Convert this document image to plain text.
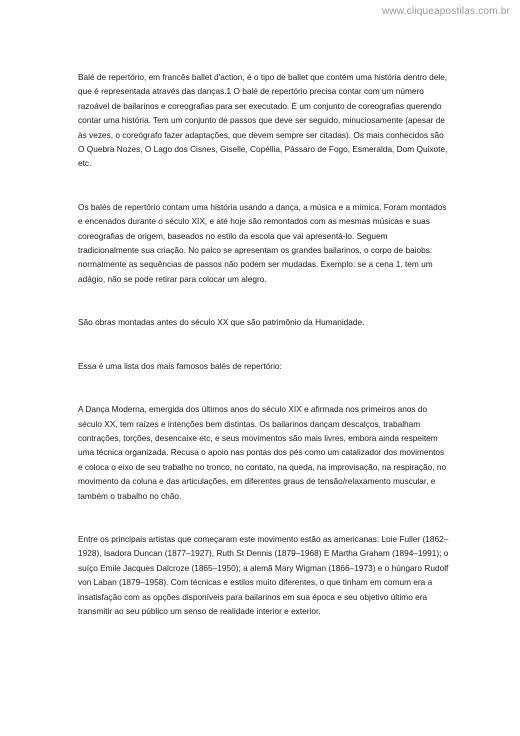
www.cliqueapostilas.com.br

Balé de repertório, em francês ballet d'action, é o tipo de ballet que contém uma história dentro dele, que é representada através das danças.1 O balé de repertório precisa contar com um número razoável de bailarinos e coreografias para ser executado. É um conjunto de coreografias querendo contar uma história. Tem um conjunto de passos que deve ser seguido, minuciosamente (apesar de às vezes, o coreógrafo fazer adaptações, que devem sempre ser citadas). Os mais conhecidos são O Quebra Nozes, O Lago dos Cisnes, Giselle, Copéllia, Pássaro de Fogo, Esmeralda, Dom Quixote, etc.

Os balés de repertório contam uma história usando a dança, a música e a mímica. Foram montados e encenados durante o século XIX, e até hoje são remontados com as mesmas músicas e suas coreografias de origem, baseados no estilo da escola que vai apresentá-lo. Seguem tradicionalmente sua criação. No palco se apresentam os grandes bailarinos, o corpo de baiobs: normalmente as sequências de passos não podem ser mudadas. Exemplo: se a cena 1, tem um adágio, não se pode retirar para colocar um alegro.

São obras montadas antes do século XX que são patrimônio da Humanidade.

Essa é uma lista dos mais famosos balés de repertório:

A Dança Moderna, emergida dos últimos anos do século XIX e afirmada nos primeiros anos do século XX, tem raízes e intenções bem distintas. Os bailarinos dançam descalços, trabalham contrações, torções, desencaixe etc, e seus movimentos são mais livres, embora ainda respeitem uma técnica organizada. Recusa o apoio nas pontas dos pés como um catalizador dos movimentos e coloca o eixo de seu trabalho no tronco, no contato, na queda, na improvisação, na respiração, no movimento da coluna e das articulações, em diferentes graus de tensão/relaxamento muscular, e também o trabalho no chão.

Entre os principais artistas que começaram este movimento estão as americanas: Loie Fuller (1862–1928), Isadora Duncan (1877–1927), Ruth St Dennis (1879–1968) E Martha Graham (1894–1991); o suíço Emile Jacques Dalcroze (1865–1950); a alemã Mary Wigman (1866–1973) e o húngaro Rudolf von Laban (1879–1958). Com técnicas e estilos muito diferentes, o que tinham em comum era a insatisfação com as opções disponíveis para bailarinos em sua época e seu objetivo último era transmitir ao seu público um senso de realidade interior e exterior.
